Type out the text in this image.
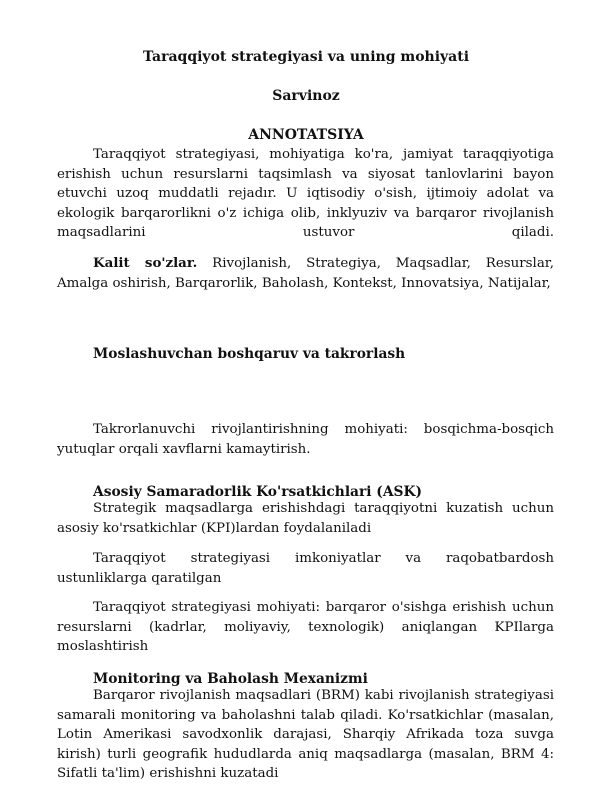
Taraqqiyot strategiyasi va uning mohiyati
Sarvinoz
ANNOTATSIYA
Taraqqiyot strategiyasi, mohiyatiga ko'ra, jamiyat taraqqiyotiga erishish uchun resurslarni taqsimlash va siyosat tanlovlarini bayon etuvchi uzoq muddatli rejadır. U iqtisodiy o'sish, ijtimoiy adolat va ekologik barqarorlikni o'z ichiga olib, inklyuziv va barqaror rivojlanish maqsadlarini ustuvor qiladi.
Kalit so'zlar. Rivojlanish, Strategiya, Maqsadlar, Resurslar, Amalga oshirish, Barqarorlik, Baholash, Kontekst, Innovatsiya, Natijalar,
Moslashuvchan boshqaruv va takrorlash
Takrorlanuvchi rivojlantirishning mohiyati: bosqichma-bosqich yutuqlar orqali xavflarni kamaytirish.
Asosiy Samaradorlik Ko'rsatkichlari (ASK)
Strategik maqsadlarga erishishdagi taraqqiyotni kuzatish uchun asosiy ko'rsatkichlar (KPI)lardan foydalaniladi
Taraqqiyot strategiyasi imkoniyatlar va raqobatbardosh ustunliklarga qaratilgan
Taraqqiyot strategiyasi mohiyati: barqaror o'sishga erishish uchun resurslarni (kadrlar, moliyaviy, texnologik) aniqlangan KPIlarga moslashtirish
Monitoring va Baholash Mexanizmi
Barqaror rivojlanish maqsadlari (BRM) kabi rivojlanish strategiyasi samarali monitoring va baholashni talab qiladi. Ko'rsatkichlar (masalan, Lotin Amerikasi savodxonlik darajasi, Sharqiy Afrikada toza suvga kirish) turli geografik hududlarda aniq maqsadlarga (masalan, BRM 4: Sifatli ta'lim) erishishni kuzatadi
